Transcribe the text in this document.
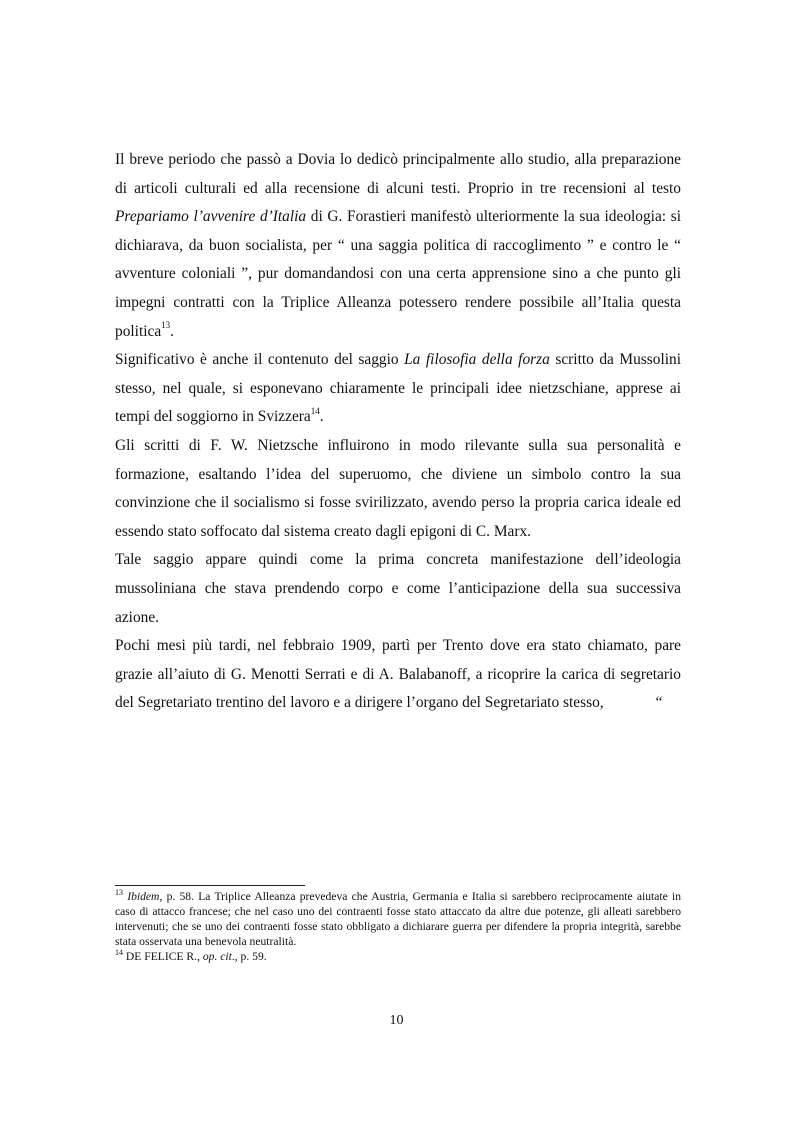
Il breve periodo che passò a Dovia lo dedicò principalmente allo studio, alla preparazione di articoli culturali ed alla recensione di alcuni testi. Proprio in tre recensioni al testo Prepariamo l’avvenire d’Italia di G. Forastieri manifestò ulteriormente la sua ideologia: si dichiarava, da buon socialista, per “ una saggia politica di raccoglimento ” e contro le “ avventure coloniali ”, pur domandandosi con una certa apprensione sino a che punto gli impegni contratti con la Triplice Alleanza potessero rendere possibile all’Italia questa politica$^{13}$.

Significativo è anche il contenuto del saggio La filosofia della forza scritto da Mussolini stesso, nel quale, si esponevano chiaramente le principali idee nietzschiane, apprese ai tempi del soggiorno in Svizzera$^{14}$.

Gli scritti di F. W. Nietzsche influirono in modo rilevante sulla sua personalità e formazione, esaltando l’idea del superuomo, che diviene un simbolo contro la sua convinzione che il socialismo si fosse svirilizzato, avendo perso la propria carica ideale ed essendo stato soffocato dal sistema creato dagli epigoni di C. Marx.

Tale saggio appare quindi come la prima concreta manifestazione dell’ideologia mussoliniana che stava prendendo corpo e come l’anticipazione della sua successiva azione.

Pochi mesi più tardi, nel febbraio 1909, partì per Trento dove era stato chiamato, pare grazie all’aiuto di G. Menotti Serrati e di A. Balabanoff, a ricoprire la carica di segretario del Segretariato trentino del lavoro e a dirigere l’organo del Segretariato stesso,	“

$^{13}$ Ibidem, p. 58. La Triplice Alleanza prevedeva che Austria, Germania e Italia si sarebbero reciprocamente aiutate in caso di attacco francese; che nel caso uno dei contraenti fosse stato attaccato da altre due potenze, gli alleati sarebbero intervenuti; che se uno dei contraenti fosse stato obbligato a dichiarare guerra per difendere la propria integrità, sarebbe stata osservata una benevola neutralità.

$^{14}$ DE FELICE R., op. cit., p. 59.

10
